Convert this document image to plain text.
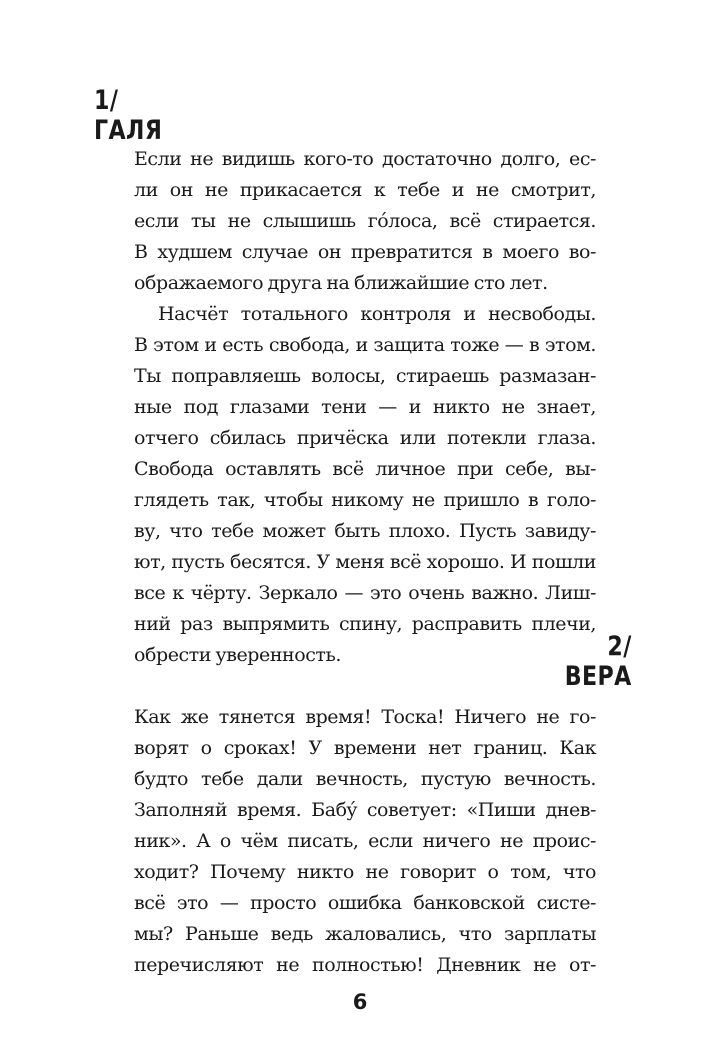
1/
ГАЛЯ
Если не видишь кого-то достаточно долго, ес-
ли он не прикасается к тебе и не смотрит,
если ты не слышишь гóлоса, всё стирается.
В худшем случае он превратится в моего во-
ображаемого друга на ближайшие сто лет.
Насчёт тотального контроля и несвободы.
В этом и есть свобода, и защита тоже — в этом.
Ты поправляешь волосы, стираешь размазан-
ные под глазами тени — и никто не знает,
отчего сбилась причёска или потекли глаза.
Свобода оставлять всё личное при себе, вы-
глядеть так, чтобы никому не пришло в голо-
ву, что тебе может быть плохо. Пусть завиду-
ют, пусть бесятся. У меня всё хорошо. И пошли
все к чёрту. Зеркало — это очень важно. Лиш-
ний раз выпрямить спину, расправить плечи,
обрести уверенность.	2/
ВЕРА
Как же тянется время! Тоска! Ничего не го-
ворят о сроках! У времени нет границ. Как
будто тебе дали вечность, пустую вечность.
Заполняй время. Бабý советует: «Пиши днев-
ник». А о чём писать, если ничего не проис-
ходит? Почему никто не говорит о том, что
всё это — просто ошибка банковской систе-
мы? Раньше ведь жаловались, что зарплаты
перечисляют не полностью! Дневник не от-
6
